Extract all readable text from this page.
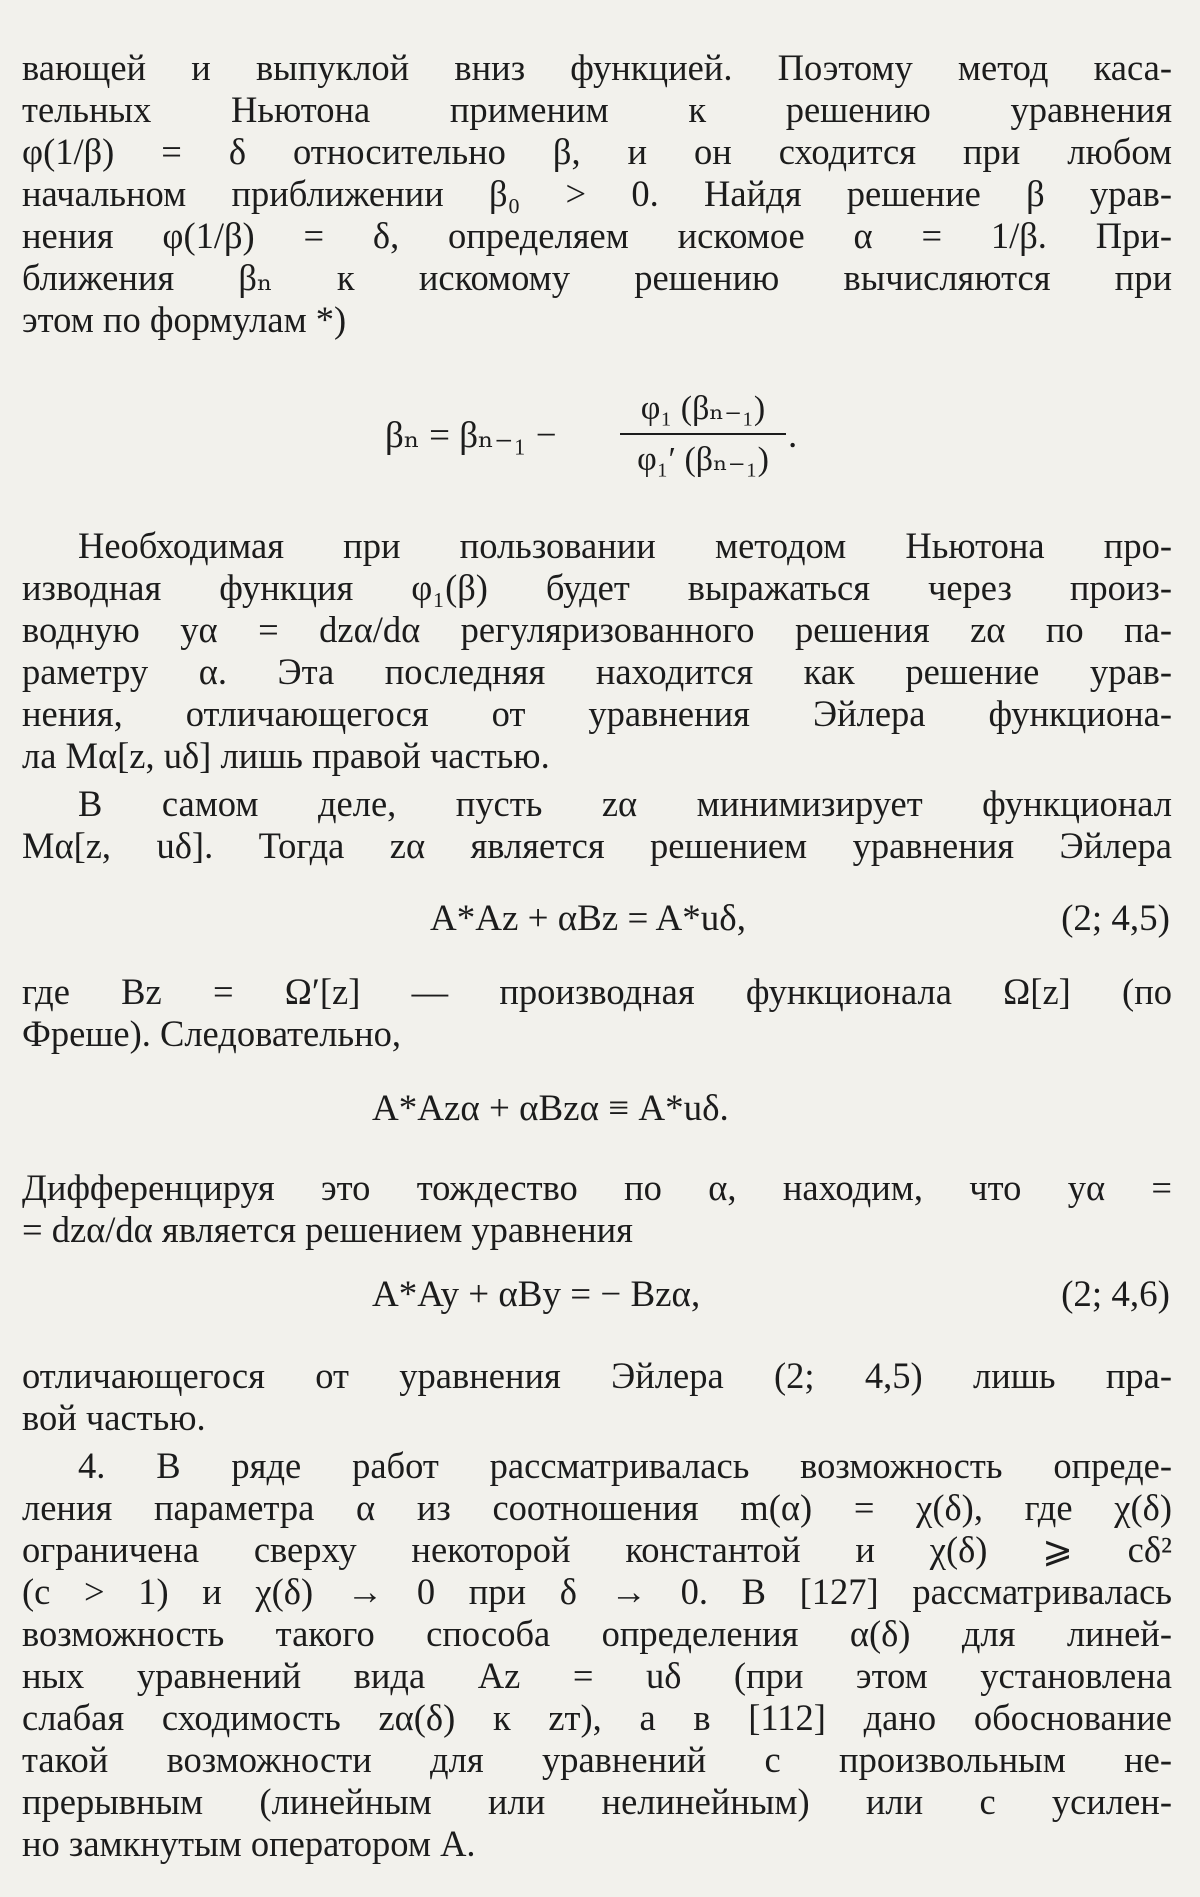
вающей и выпуклой вниз функцией. Поэтому метод каса-
тельных Ньютона применим к решению уравнения
φ(1/β) = δ относительно β, и он сходится при любом
начальном приближении β₀ > 0. Найдя решение β урав-
нения φ(1/β) = δ, определяем искомое α = 1/β. При-
ближения βₙ к искомому решению вычисляются при
этом по формулам *)
βₙ = βₙ₋₁ −
φ₁ (βₙ₋₁)
φ₁′ (βₙ₋₁)
.
Необходимая при пользовании методом Ньютона про-
изводная функция φ₁(β) будет выражаться через произ-
водную yα = dzα/dα регуляризованного решения zα по па-
раметру α. Эта последняя находится как решение урав-
нения, отличающегося от уравнения Эйлера функциона-
ла Mα[z, uδ] лишь правой частью.
В самом деле, пусть zα минимизирует функционал
Mα[z, uδ]. Тогда zα является решением уравнения Эйлера
A*Az + αBz = A*uδ,	(2; 4,5)
где Bz = Ω′[z] — производная функционала Ω[z] (по
Фреше). Следовательно,
A*Azα + αBzα ≡ A*uδ.
Дифференцируя это тождество по α, находим, что yα =
= dzα/dα является решением уравнения
A*Ay + αBy = − Bzα,	(2; 4,6)
отличающегося от уравнения Эйлера (2; 4,5) лишь пра-
вой частью.
4. В ряде работ рассматривалась возможность опреде-
ления параметра α из соотношения m(α) = χ(δ), где χ(δ)
ограничена сверху некоторой константой и χ(δ) ⩾ cδ²
(c > 1) и χ(δ) → 0 при δ → 0. В [127] рассматривалась
возможность такого способа определения α(δ) для линей-
ных уравнений вида Az = uδ (при этом установлена
слабая сходимость zα(δ) к zт), а в [112] дано обоснование
такой возможности для уравнений с произвольным не-
прерывным (линейным или нелинейным) или с усилен-
но замкнутым оператором A.
